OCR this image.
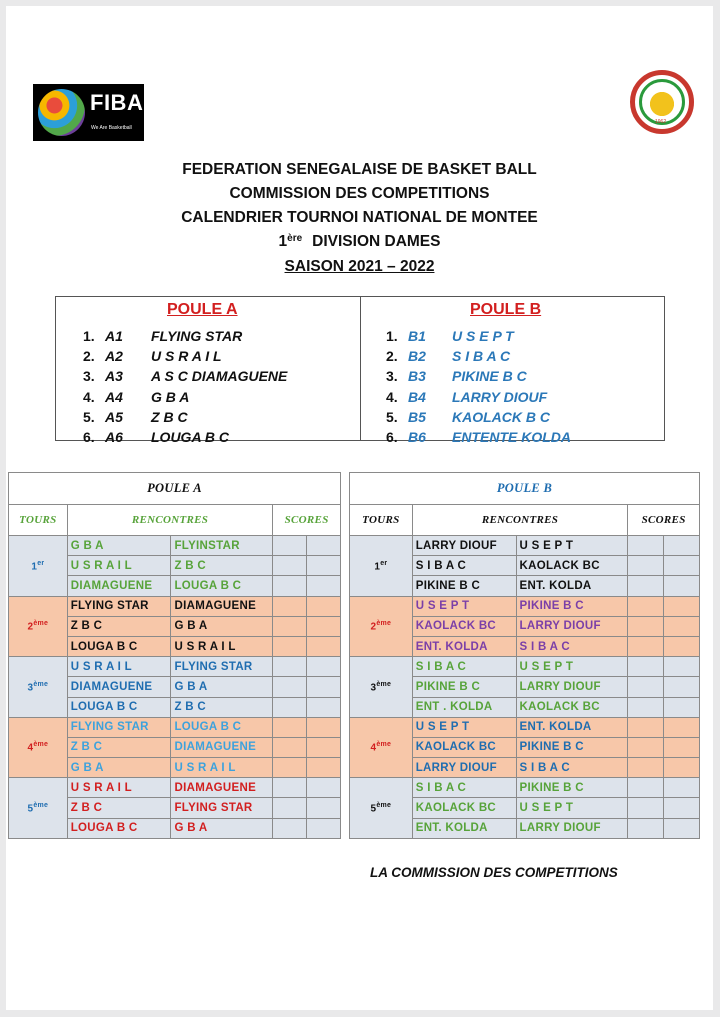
FIBA
We Are Basketball
1962
FEDERATION SENEGALAISE DE BASKET BALL
COMMISSION DES COMPETITIONS
CALENDRIER TOURNOI NATIONAL DE MONTEE
1ère DIVISION DAMES
SAISON 2021 – 2022
POULE A	POULE B
1. A1 FLYING STAR
2. A2 U S R A I L
3. A3 A S C DIAMAGUENE
4. A4 G B A
5. A5 Z B C
6. A6 LOUGA B C
1. B1 U S E P T
2. B2 S I B A C
3. B3 PIKINE B C
4. B4 LARRY DIOUF
5. B5 KAOLACK B C
6. B6 ENTENTE KOLDA
LA COMMISSION DES COMPETITIONS
POULE A				
TOURS	RENCONTRES		SCORES	
1er	G B A	FLYINSTAR		
	U S R A I L	Z B C		
	DIAMAGUENE	LOUGA B C		
2ème	FLYING STAR	DIAMAGUENE		
	Z B C	G B A		
	LOUGA B C	U S R A I L		
3ème	U S R A I L	FLYING STAR		
	DIAMAGUENE	G B A		
	LOUGA B C	Z B C		
4ème	FLYING STAR	LOUGA B C		
	Z B C	DIAMAGUENE		
	G B A	U S R A I L		
5ème	U S R A I L	DIAMAGUENE		
	Z B C	FLYING STAR		
	LOUGA B C	G B A		
POULE B				
TOURS	RENCONTRES		SCORES	
1er	LARRY DIOUF	U S E P T		
	S I B A C	KAOLACK BC		
	PIKINE B C	ENT. KOLDA		
2ème	U S E P T	PIKINE B C		
	KAOLACK BC	LARRY DIOUF		
	ENT. KOLDA	S I B A C		
3ème	S I B A C	U S E P T		
	PIKINE B C	LARRY DIOUF		
	ENT . KOLDA	KAOLACK BC		
4ème	U S E P T	ENT. KOLDA		
	KAOLACK BC	PIKINE B C		
	LARRY DIOUF	S I B A C		
5ème	S I B A C	PIKINE B C		
	KAOLACK BC	U S E P T		
	ENT. KOLDA	LARRY DIOUF		
